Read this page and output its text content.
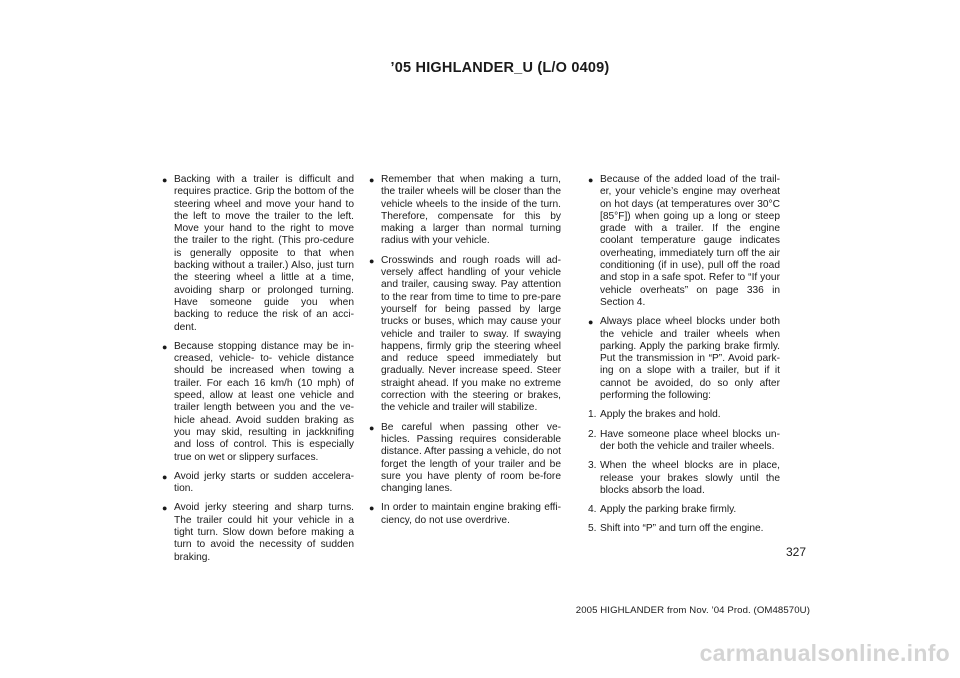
’05 HIGHLANDER_U (L/O 0409)
● Backing with a trailer is difficult and requires practice. Grip the bottom of the steering wheel and move your hand to the left to move the trailer to the left. Move your hand to the right to move the trailer to the right. (This pro-cedure is generally opposite to that when backing without a trailer.) Also, just turn the steering wheel a little at a time, avoiding sharp or prolonged turning. Have someone guide you when backing to reduce the risk of an acci-dent.
● Because stopping distance may be in-creased, vehicle- to- vehicle distance should be increased when towing a trailer. For each 16 km/h (10 mph) of speed, allow at least one vehicle and trailer length between you and the ve-hicle ahead. Avoid sudden braking as you may skid, resulting in jackknifing and loss of control. This is especially true on wet or slippery surfaces.
● Avoid jerky starts or sudden accelera-tion.
● Avoid jerky steering and sharp turns. The trailer could hit your vehicle in a tight turn. Slow down before making a turn to avoid the necessity of sudden braking.
● Remember that when making a turn, the trailer wheels will be closer than the vehicle wheels to the inside of the turn. Therefore, compensate for this by making a larger than normal turning radius with your vehicle.
● Crosswinds and rough roads will ad-versely affect handling of your vehicle and trailer, causing sway. Pay attention to the rear from time to time to pre-pare yourself for being passed by large trucks or buses, which may cause your vehicle and trailer to sway. If swaying happens, firmly grip the steering wheel and reduce speed immediately but gradually. Never increase speed. Steer straight ahead. If you make no extreme correction with the steering or brakes, the vehicle and trailer will stabilize.
● Be careful when passing other ve-hicles. Passing requires considerable distance. After passing a vehicle, do not forget the length of your trailer and be sure you have plenty of room be-fore changing lanes.
● In order to maintain engine braking effi-ciency, do not use overdrive.
● Because of the added load of the trail-er, your vehicle’s engine may overheat on hot days (at temperatures over 30°C [85°F]) when going up a long or steep grade with a trailer. If the engine coolant temperature gauge indicates overheating, immediately turn off the air conditioning (if in use), pull off the road and stop in a safe spot. Refer to “If your vehicle overheats” on page 336 in Section 4.
● Always place wheel blocks under both the vehicle and trailer wheels when parking. Apply the parking brake firmly. Put the transmission in “P”. Avoid park-ing on a slope with a trailer, but if it cannot be avoided, do so only after performing the following:
1. Apply the brakes and hold.
2. Have someone place wheel blocks un-der both the vehicle and trailer wheels.
3. When the wheel blocks are in place, release your brakes slowly until the blocks absorb the load.
4. Apply the parking brake firmly.
5. Shift into “P” and turn off the engine.
327
2005 HIGHLANDER from Nov. ’04 Prod. (OM48570U)
carmanualsonline.info
